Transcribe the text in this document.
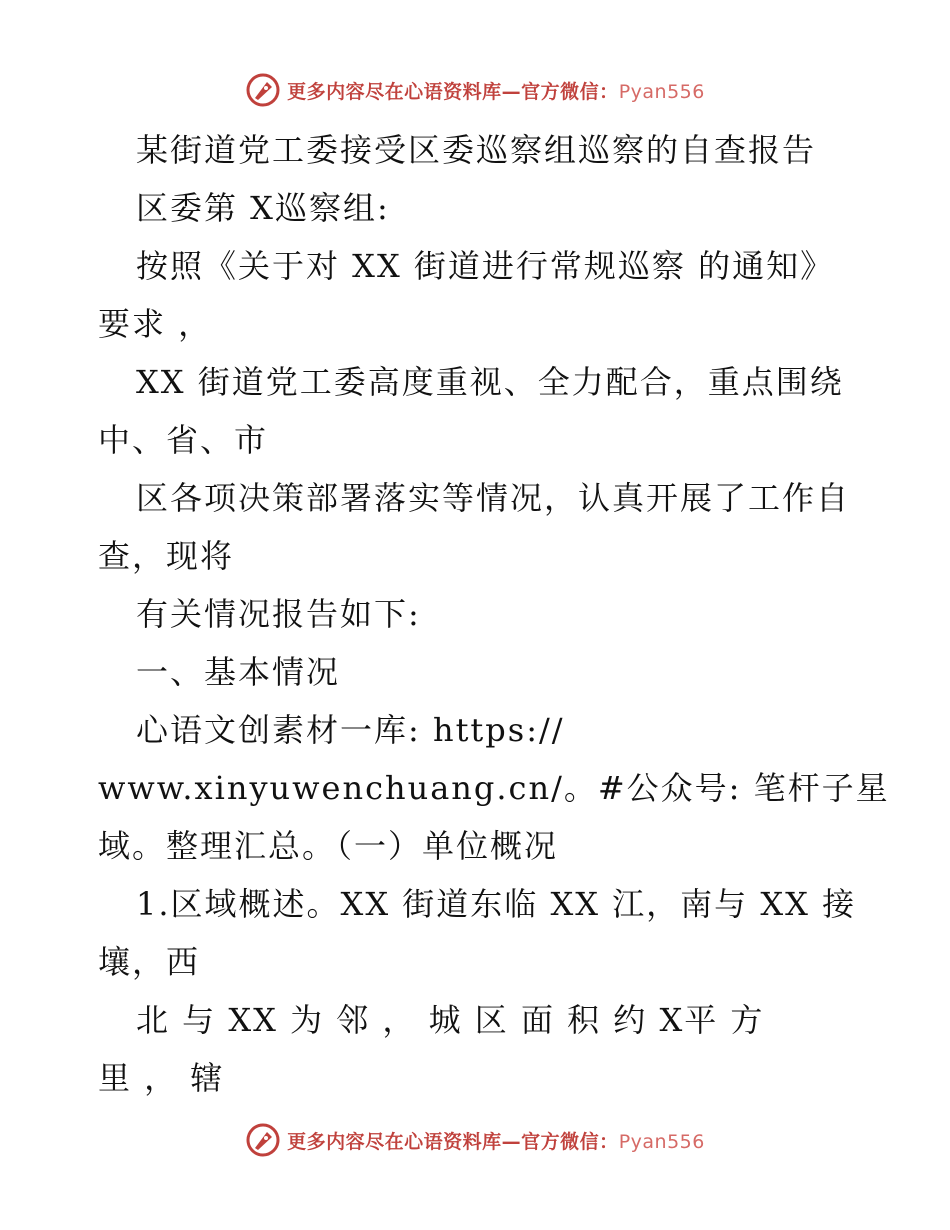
更多内容尽在心语资料库—官方微信：Pyan556
某街道党工委接受区委巡察组巡察的自查报告
区委第 X巡察组:
按照《关于对 XX 街道进行常规巡察 的通知》
要求 ，
XX 街道党工委高度重视、全力配合，重点围绕
中、省、市
区各项决策部署落实等情况，认真开展了工作自
查，现将
有关情况报告如下:
一、基本情况
心语文创素材一库: https://
www.xinyuwenchuang.cn/。#公众号: 笔杆子星
域。整理汇总。（一）单位概况
1.区域概述。XX 街道东临 XX 江，南与 XX 接
壤，西
北 与 XX 为 邻 ， 城 区 面 积 约 X平 方
里 ， 辖
更多内容尽在心语资料库—官方微信：Pyan556
